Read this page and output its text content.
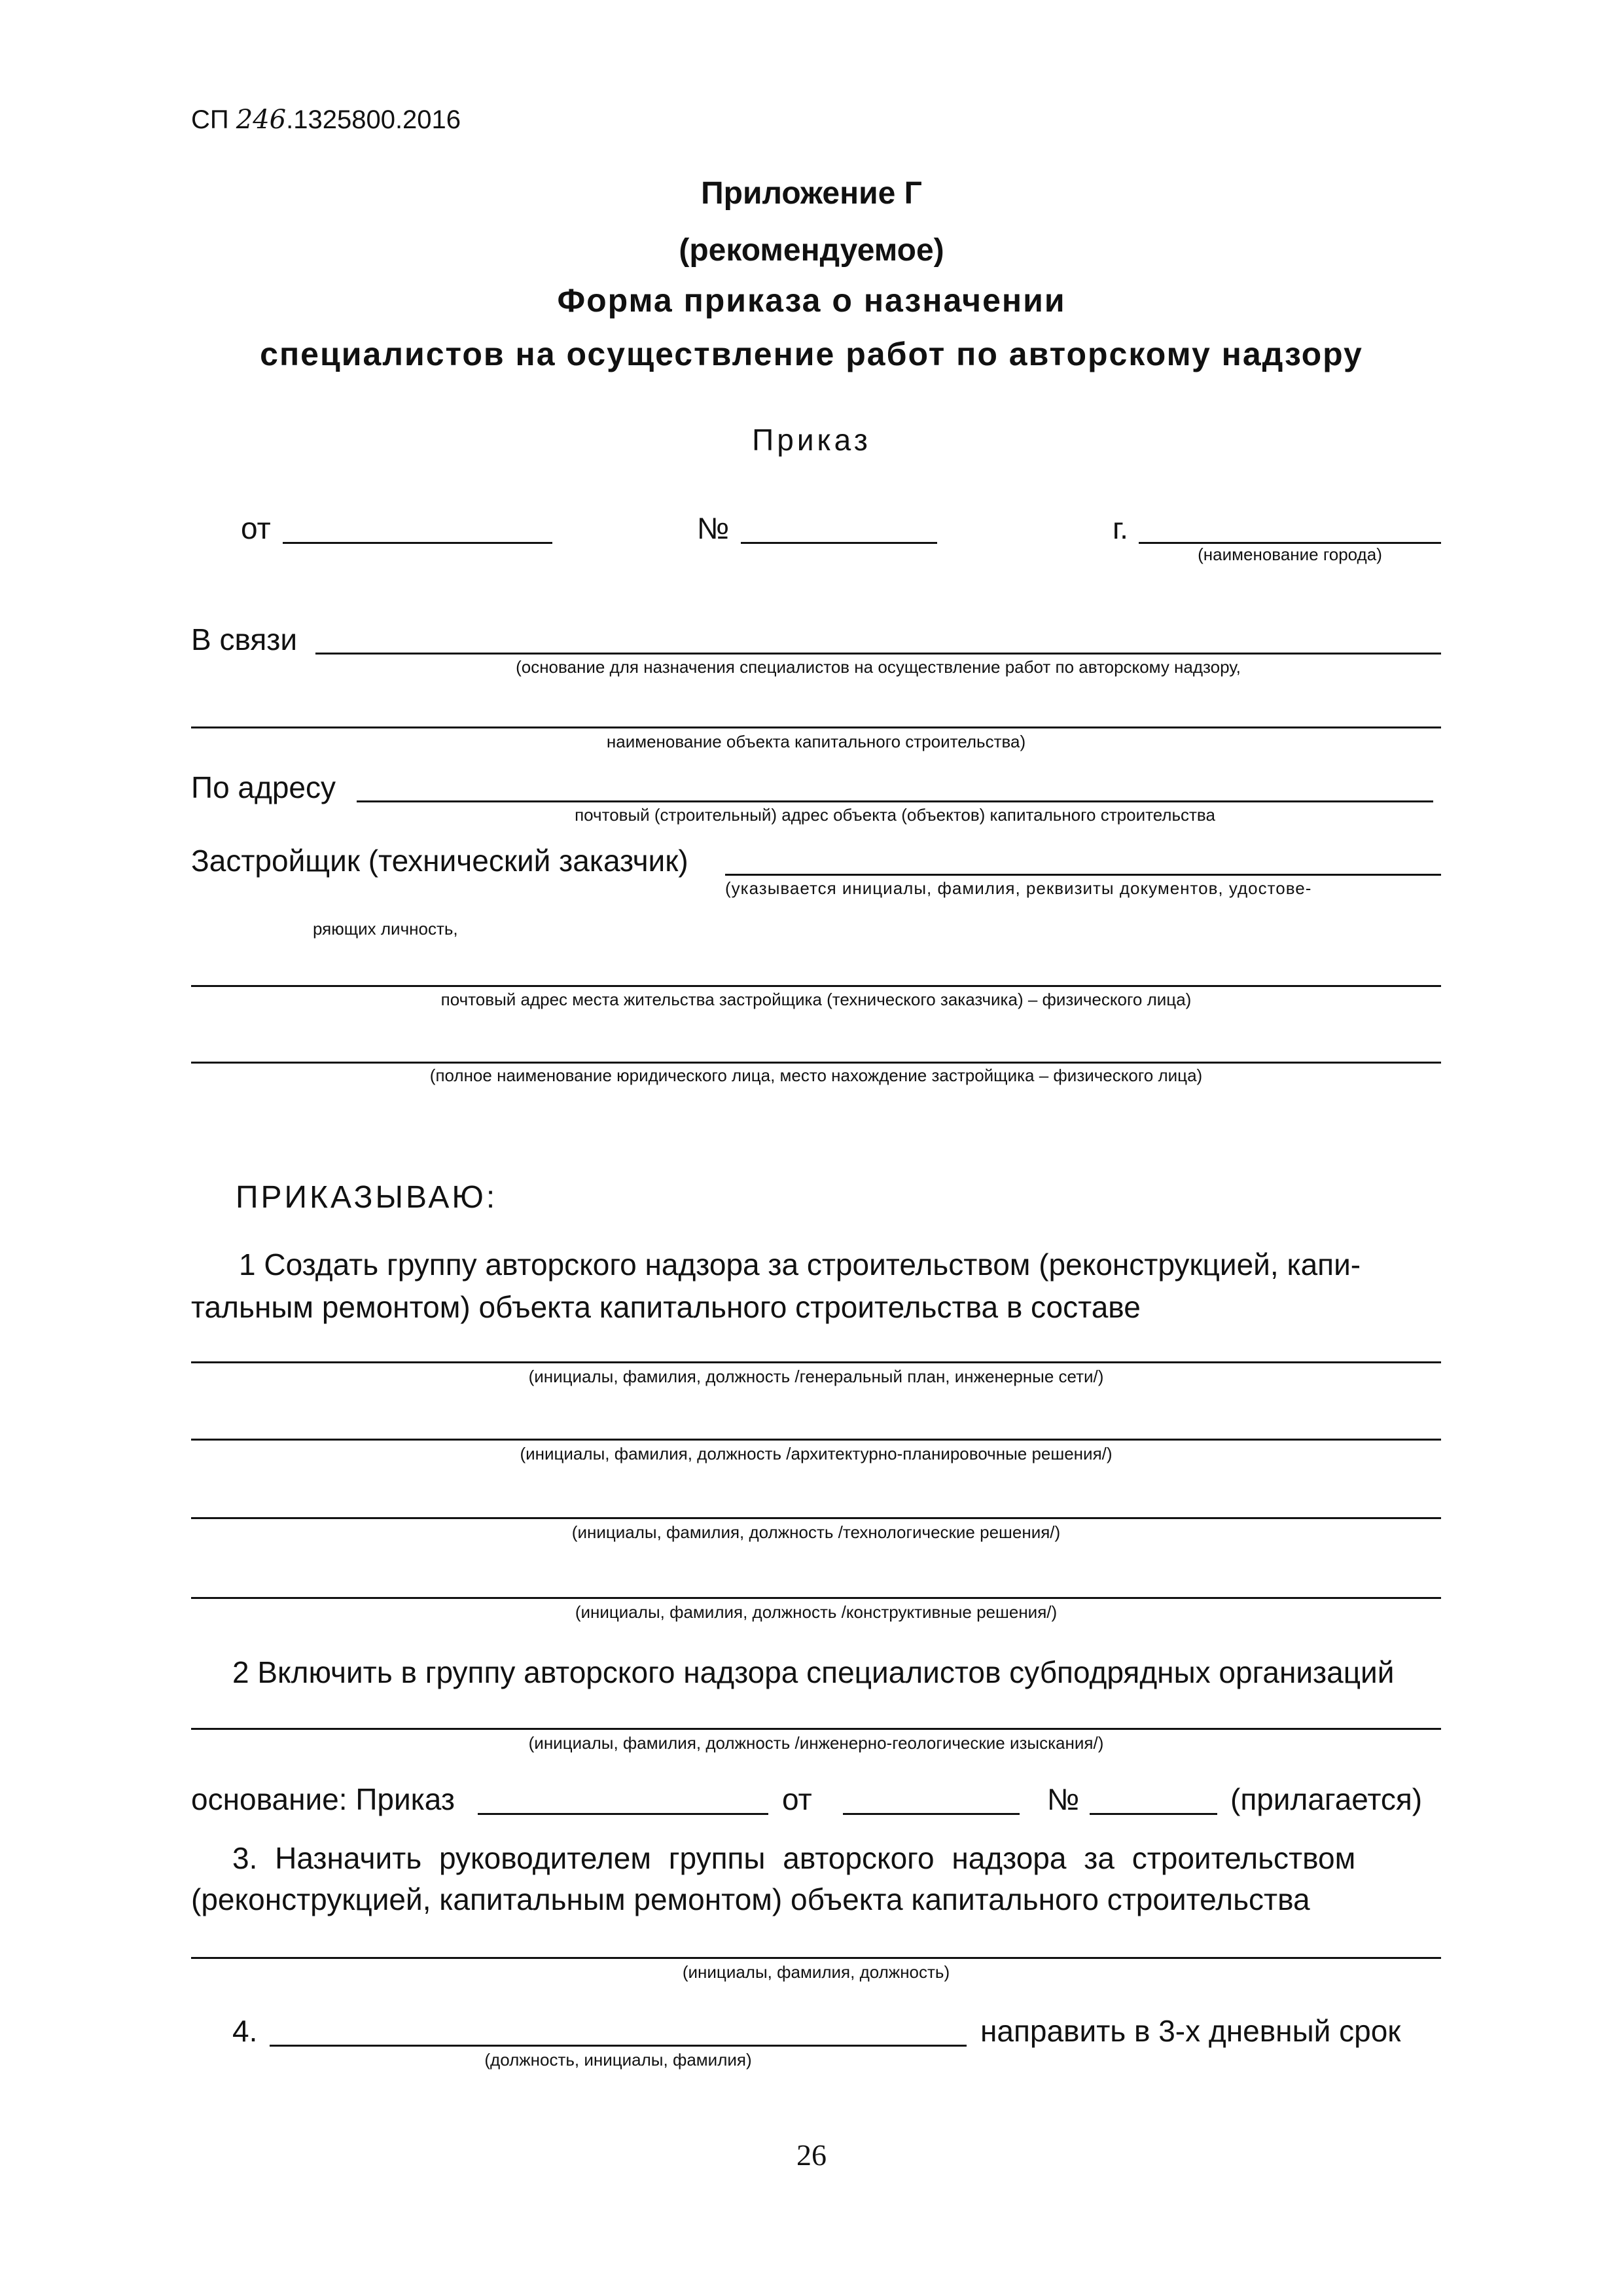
СП 246.1325800.2016
Приложение Г
(рекомендуемое)
Форма приказа о назначении
специалистов на осуществление работ по авторскому надзору
Приказ
от	№	г.
(наименование города)
В связи
(основание для назначения специалистов на осуществление работ по авторскому надзору,
наименование объекта капитального строительства)
По адресу
почтовый (строительный) адрес объекта (объектов) капитального строительства
Застройщик (технический заказчик)
(указывается инициалы, фамилия, реквизиты документов, удостове-
ряющих личность,
почтовый адрес места жительства застройщика (технического заказчика) – физического лица)
(полное наименование юридического лица, место нахождение застройщика – физического лица)
ПРИКАЗЫВАЮ:
1 Создать группу авторского надзора за строительством (реконструкцией, капи-
тальным ремонтом) объекта капитального строительства в составе
(инициалы, фамилия, должность /генеральный план, инженерные сети/)
(инициалы, фамилия, должность /архитектурно-планировочные решения/)
(инициалы, фамилия, должность /технологические решения/)
(инициалы, фамилия, должность /конструктивные решения/)
2 Включить в группу авторского надзора специалистов субподрядных организаций
(инициалы, фамилия, должность /инженерно-геологические изыскания/)
основание: Приказ	от	№	(прилагается)
3. Назначить руководителем группы авторского надзора за строительством
(реконструкцией, капитальным ремонтом) объекта капитального строительства
(инициалы, фамилия, должность)
4.	направить в 3-х дневный срок
(должность, инициалы, фамилия)
26
